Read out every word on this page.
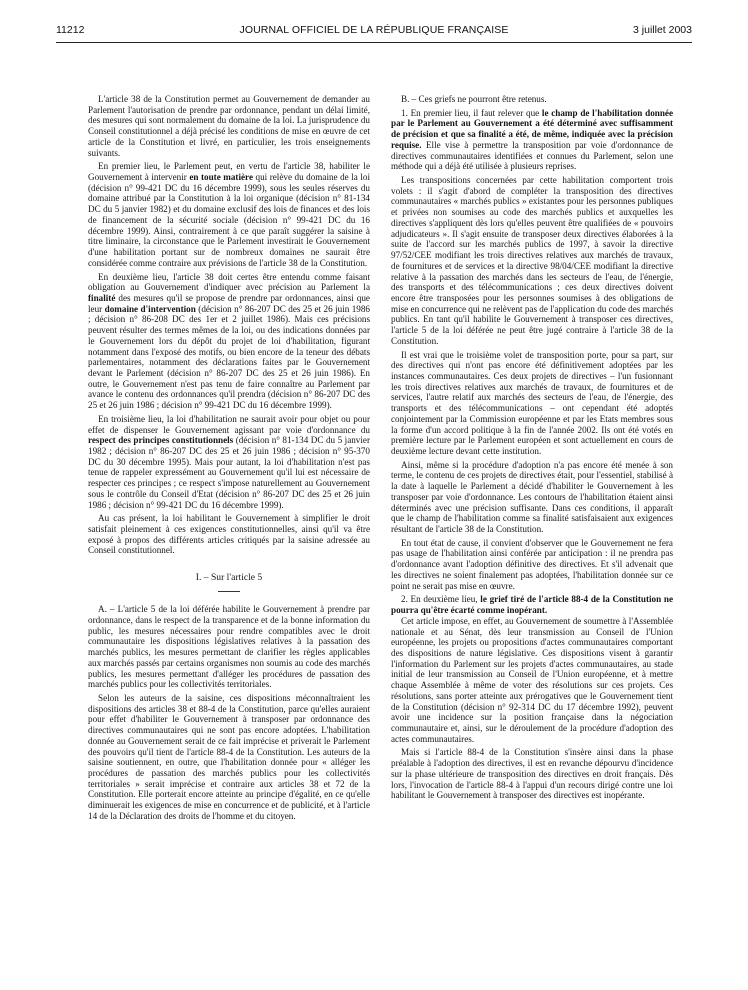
11212	JOURNAL OFFICIEL DE LA RÉPUBLIQUE FRANÇAISE	3 juillet 2003

L'article 38 de la Constitution permet au Gouvernement de demander au Parlement l'autorisation de prendre par ordonnance, pendant un délai limité, des mesures qui sont normalement du domaine de la loi. La jurisprudence du Conseil constitutionnel a déjà précisé les conditions de mise en œuvre de cet article de la Constitution et livré, en particulier, les trois enseignements suivants.

En premier lieu, le Parlement peut, en vertu de l'article 38, habiliter le Gouvernement à intervenir en toute matière qui relève du domaine de la loi (décision n° 99-421 DC du 16 décembre 1999), sous les seules réserves du domaine attribué par la Constitution à la loi organique (décision n° 81-134 DC du 5 janvier 1982) et du domaine exclusif des lois de finances et des lois de financement de la sécurité sociale (décision n° 99-421 DC du 16 décembre 1999). Ainsi, contrairement à ce que paraît suggérer la saisine à titre liminaire, la circonstance que le Parlement investirait le Gouvernement d'une habilitation portant sur de nombreux domaines ne saurait être considérée comme contraire aux prévisions de l'article 38 de la Constitution.

En deuxième lieu, l'article 38 doit certes être entendu comme faisant obligation au Gouvernement d'indiquer avec précision au Parlement la finalité des mesures qu'il se propose de prendre par ordonnances, ainsi que leur domaine d'intervention (décision n° 86-207 DC des 25 et 26 juin 1986 ; décision n° 86-208 DC des 1er et 2 juillet 1986). Mais ces précisions peuvent résulter des termes mêmes de la loi, ou des indications données par le Gouvernement lors du dépôt du projet de loi d'habilitation, figurant notamment dans l'exposé des motifs, ou bien encore de la teneur des débats parlementaires, notamment des déclarations faites par le Gouvernement devant le Parlement (décision n° 86-207 DC des 25 et 26 juin 1986). En outre, le Gouvernement n'est pas tenu de faire connaître au Parlement par avance le contenu des ordonnances qu'il prendra (décision n° 86-207 DC des 25 et 26 juin 1986 ; décision n° 99-421 DC du 16 décembre 1999).

En troisième lieu, la loi d'habilitation ne saurait avoir pour objet ou pour effet de dispenser le Gouvernement agissant par voie d'ordonnance du respect des principes constitutionnels (décision n° 81-134 DC du 5 janvier 1982 ; décision n° 86-207 DC des 25 et 26 juin 1986 ; décision n° 95-370 DC du 30 décembre 1995). Mais pour autant, la loi d'habilitation n'est pas tenue de rappeler expressément au Gouvernement qu'il lui est nécessaire de respecter ces principes ; ce respect s'impose naturellement au Gouvernement sous le contrôle du Conseil d'Etat (décision n° 86-207 DC des 25 et 26 juin 1986 ; décision n° 99-421 DC du 16 décembre 1999).

Au cas présent, la loi habilitant le Gouvernement à simplifier le droit satisfait pleinement à ces exigences constitutionnelles, ainsi qu'il va être exposé à propos des différents articles critiqués par la saisine adressée au Conseil constitutionnel.

I. – Sur l'article 5

A. – L'article 5 de la loi déférée habilite le Gouvernement à prendre par ordonnance, dans le respect de la transparence et de la bonne information du public, les mesures nécessaires pour rendre compatibles avec le droit communautaire les dispositions législatives relatives à la passation des marchés publics, les mesures permettant de clarifier les règles applicables aux marchés passés par certains organismes non soumis au code des marchés publics, les mesures permettant d'alléger les procédures de passation des marchés publics pour les collectivités territoriales.

Selon les auteurs de la saisine, ces dispositions méconnaîtraient les dispositions des articles 38 et 88-4 de la Constitution, parce qu'elles auraient pour effet d'habiliter le Gouvernement à transposer par ordonnance des directives communautaires qui ne sont pas encore adoptées. L'habilitation donnée au Gouvernement serait de ce fait imprécise et priverait le Parlement des pouvoirs qu'il tient de l'article 88-4 de la Constitution. Les auteurs de la saisine soutiennent, en outre, que l'habilitation donnée pour « alléger les procédures de passation des marchés publics pour les collectivités territoriales » serait imprécise et contraire aux articles 38 et 72 de la Constitution. Elle porterait encore atteinte au principe d'égalité, en ce qu'elle diminuerait les exigences de mise en concurrence et de publicité, et à l'article 14 de la Déclaration des droits de l'homme et du citoyen.

B. – Ces griefs ne pourront être retenus.

1. En premier lieu, il faut relever que le champ de l'habilitation donnée par le Parlement au Gouvernement a été déterminé avec suffisamment de précision et que sa finalité a été, de même, indiquée avec la précision requise. Elle vise à permettre la transposition par voie d'ordonnance de directives communautaires identifiées et connues du Parlement, selon une méthode qui a déjà été utilisée à plusieurs reprises.

Les transpositions concernées par cette habilitation comportent trois volets : il s'agit d'abord de compléter la transposition des directives communautaires « marchés publics » existantes pour les personnes publiques et privées non soumises au code des marchés publics et auxquelles les directives s'appliquent dès lors qu'elles peuvent être qualifiées de « pouvoirs adjudicateurs ». Il s'agit ensuite de transposer deux directives élaborées à la suite de l'accord sur les marchés publics de 1997, à savoir la directive 97/52/CEE modifiant les trois directives relatives aux marchés de travaux, de fournitures et de services et la directive 98/04/CEE modifiant la directive relative à la passation des marchés dans les secteurs de l'eau, de l'énergie, des transports et des télécommunications ; ces deux directives doivent encore être transposées pour les personnes soumises à des obligations de mise en concurrence qui ne relèvent pas de l'application du code des marchés publics. En tant qu'il habilite le Gouvernement à transposer ces directives, l'article 5 de la loi déférée ne peut être jugé contraire à l'article 38 de la Constitution.

Il est vrai que le troisième volet de transposition porte, pour sa part, sur des directives qui n'ont pas encore été définitivement adoptées par les instances communautaires. Ces deux projets de directives – l'un fusionnant les trois directives relatives aux marchés de travaux, de fournitures et de services, l'autre relatif aux marchés des secteurs de l'eau, de l'énergie, des transports et des télécommunications – ont cependant été adoptés conjointement par la Commission européenne et par les Etats membres sous la forme d'un accord politique à la fin de l'année 2002. Ils ont été votés en première lecture par le Parlement européen et sont actuellement en cours de deuxième lecture devant cette institution.

Ainsi, même si la procédure d'adoption n'a pas encore été menée à son terme, le contenu de ces projets de directives était, pour l'essentiel, stabilisé à la date à laquelle le Parlement a décidé d'habiliter le Gouvernement à les transposer par voie d'ordonnance. Les contours de l'habilitation étaient ainsi déterminés avec une précision suffisante. Dans ces conditions, il apparaît que le champ de l'habilitation comme sa finalité satisfaisaient aux exigences résultant de l'article 38 de la Constitution.

En tout état de cause, il convient d'observer que le Gouvernement ne fera pas usage de l'habilitation ainsi conférée par anticipation : il ne prendra pas d'ordonnance avant l'adoption définitive des directives. Et s'il advenait que les directives ne soient finalement pas adoptées, l'habilitation donnée sur ce point ne serait pas mise en œuvre.

2. En deuxième lieu, le grief tiré de l'article 88-4 de la Constitution ne pourra qu'être écarté comme inopérant.

Cet article impose, en effet, au Gouvernement de soumettre à l'Assemblée nationale et au Sénat, dès leur transmission au Conseil de l'Union européenne, les projets ou propositions d'actes communautaires comportant des dispositions de nature législative. Ces dispositions visent à garantir l'information du Parlement sur les projets d'actes communautaires, au stade initial de leur transmission au Conseil de l'Union européenne, et à mettre chaque Assemblée à même de voter des résolutions sur ces projets. Ces résolutions, sans porter atteinte aux prérogatives que le Gouvernement tient de la Constitution (décision n° 92-314 DC du 17 décembre 1992), peuvent avoir une incidence sur la position française dans la négociation communautaire et, ainsi, sur le déroulement de la procédure d'adoption des actes communautaires.

Mais si l'article 88-4 de la Constitution s'insère ainsi dans la phase préalable à l'adoption des directives, il est en revanche dépourvu d'incidence sur la phase ultérieure de transposition des directives en droit français. Dès lors, l'invocation de l'article 88-4 à l'appui d'un recours dirigé contre une loi habilitant le Gouvernement à transposer des directives est inopérante.
